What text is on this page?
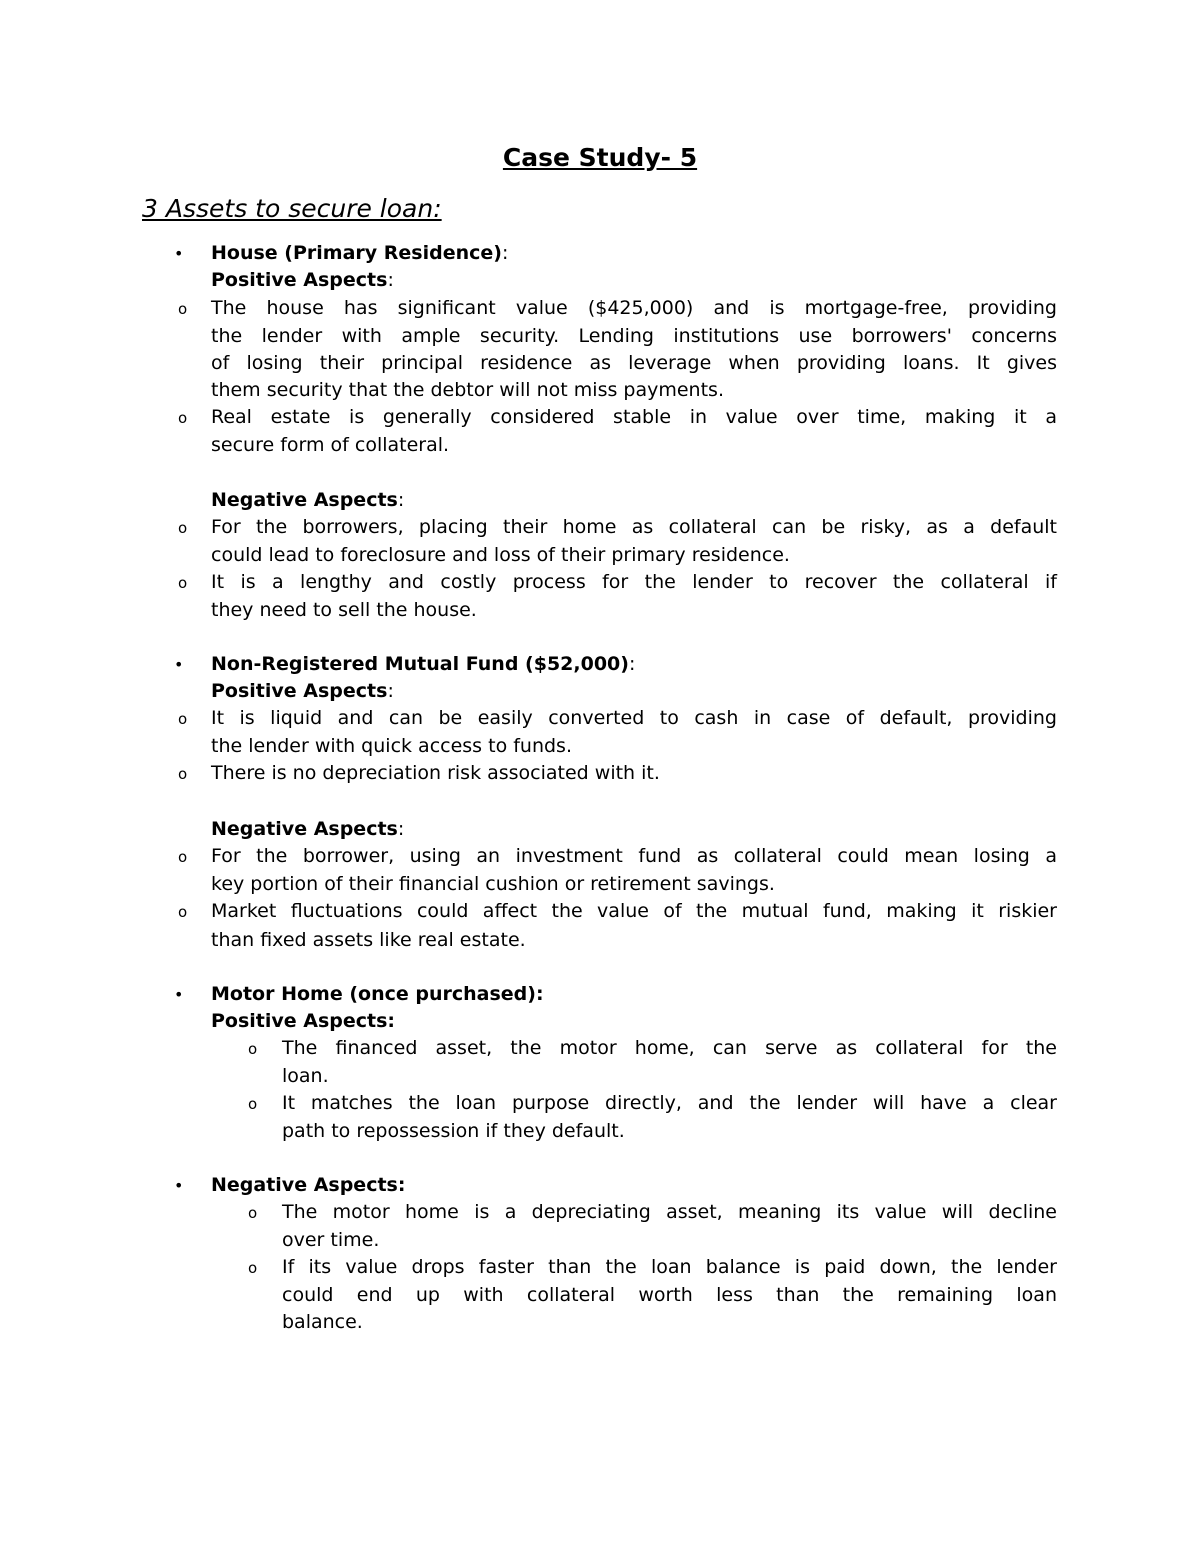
Case Study- 5
3 Assets to secure loan:
• House (Primary Residence):
Positive Aspects:
o The house has significant value ($425,000) and is mortgage-free, providing
the lender with ample security. Lending institutions use borrowers' concerns
of losing their principal residence as leverage when providing loans. It gives
them security that the debtor will not miss payments.
o Real estate is generally considered stable in value over time, making it a
secure form of collateral.
Negative Aspects:
o For the borrowers, placing their home as collateral can be risky, as a default
could lead to foreclosure and loss of their primary residence.
o It is a lengthy and costly process for the lender to recover the collateral if
they need to sell the house.
• Non-Registered Mutual Fund ($52,000):
Positive Aspects:
o It is liquid and can be easily converted to cash in case of default, providing
the lender with quick access to funds.
o There is no depreciation risk associated with it.
Negative Aspects:
o For the borrower, using an investment fund as collateral could mean losing a
key portion of their financial cushion or retirement savings.
o Market fluctuations could affect the value of the mutual fund, making it riskier
than fixed assets like real estate.
• Motor Home (once purchased):
Positive Aspects:
o The financed asset, the motor home, can serve as collateral for the
loan.
o It matches the loan purpose directly, and the lender will have a clear
path to repossession if they default.
• Negative Aspects:
o The motor home is a depreciating asset, meaning its value will decline
over time.
o If its value drops faster than the loan balance is paid down, the lender
could end up with collateral worth less than the remaining loan
balance.
